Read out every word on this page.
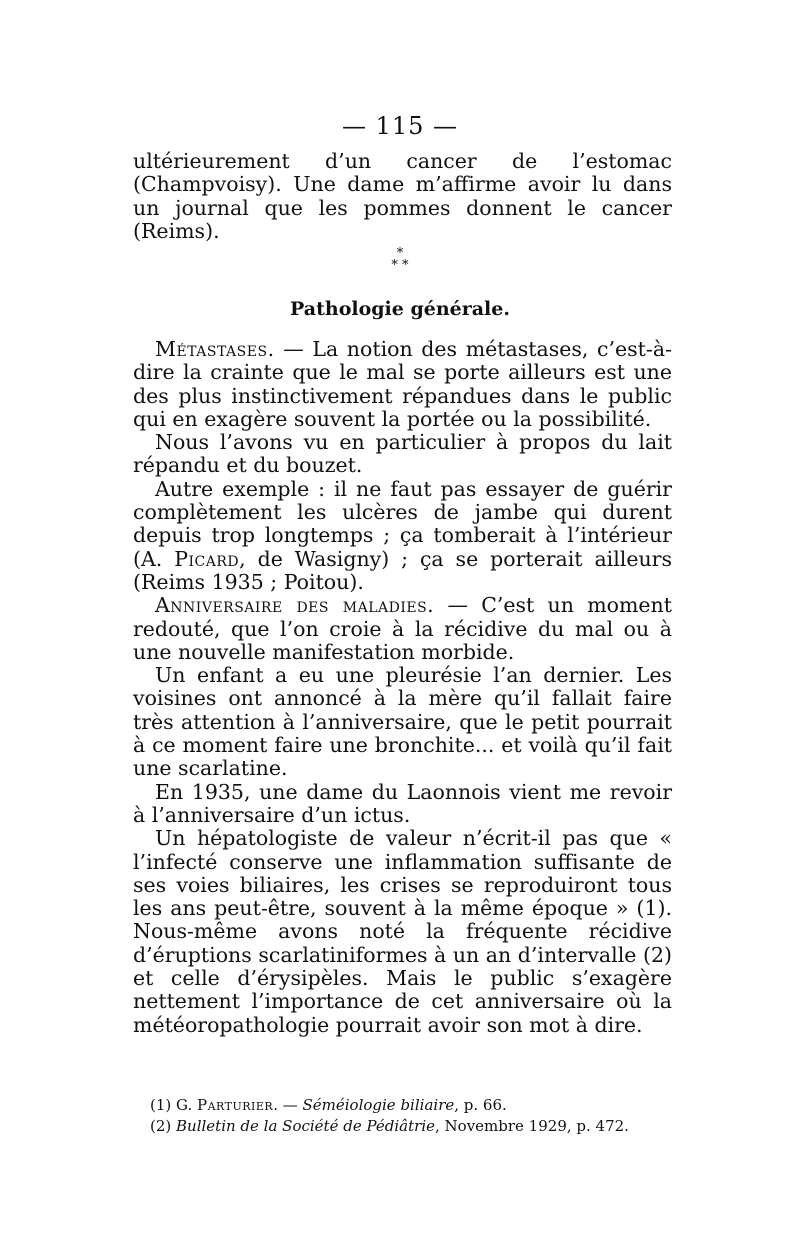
— 115 —

ultérieurement d’un cancer de l’estomac (Champvoisy). Une dame m’affirme avoir lu dans un journal que les pommes donnent le cancer (Reims).

*
* *
Pathologie générale.

Métastases. — La notion des métastases, c’est-à-dire la crainte que le mal se porte ailleurs est une des plus instinctivement répandues dans le public qui en exagère souvent la portée ou la possibilité.

Nous l’avons vu en particulier à propos du lait répandu et du bouzet.

Autre exemple : il ne faut pas essayer de guérir complètement les ulcères de jambe qui durent depuis trop longtemps ; ça tomberait à l’intérieur (A. Picard, de Wasigny) ; ça se porterait ailleurs (Reims 1935 ; Poitou).

Anniversaire des maladies. — C’est un moment redouté, que l’on croie à la récidive du mal ou à une nouvelle manifestation morbide.

Un enfant a eu une pleurésie l’an dernier. Les voisines ont annoncé à la mère qu’il fallait faire très attention à l’anniversaire, que le petit pourrait à ce moment faire une bronchite... et voilà qu’il fait une scarlatine.

En 1935, une dame du Laonnois vient me revoir à l’anniversaire d’un ictus.

Un hépatologiste de valeur n’écrit-il pas que « l’infecté conserve une inflammation suffisante de ses voies biliaires, les crises se reproduiront tous les ans peut-être, souvent à la même époque » (1). Nous-même avons noté la fréquente récidive d’éruptions scarlatiniformes à un an d’intervalle (2) et celle d’érysipèles. Mais le public s’exagère nettement l’importance de cet anniversaire où la météoropathologie pourrait avoir son mot à dire.

(1) G. Parturier. — Séméiologie biliaire, p. 66.

(2) Bulletin de la Société de Pédiâtrie, Novembre 1929, p. 472.
